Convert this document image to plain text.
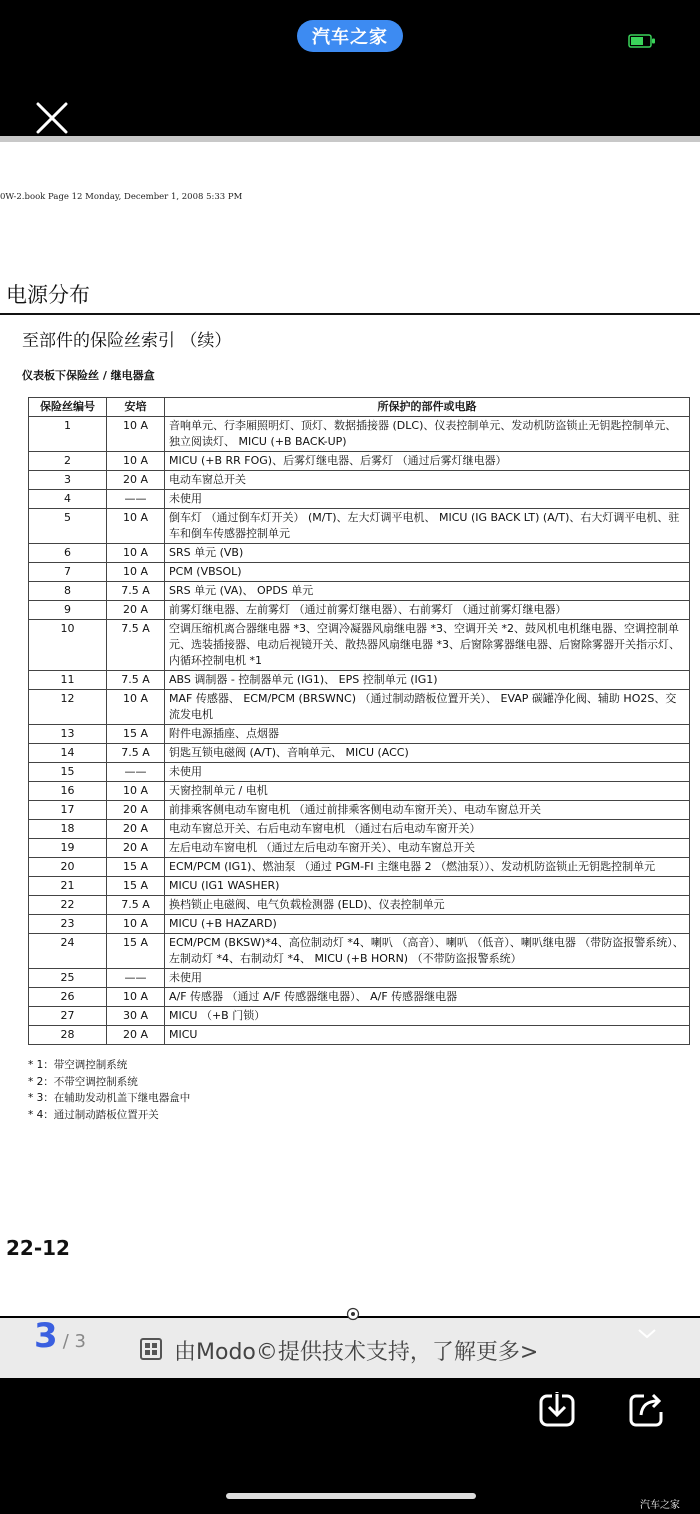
汽车之家
0W-2.book Page 12 Monday, December 1, 2008 5:33 PM
电源分布
至部件的保险丝索引 （续）
仪表板下保险丝 / 继电器盒
保险丝编号	安培	所保护的部件或电路
1	10 A	音响单元、行李厢照明灯、顶灯、数据插接器 (DLC)、仪表控制单元、发动机防盗锁止无钥匙控制单元、独立阅读灯、 MICU (+B BACK-UP)
2	10 A	MICU (+B RR FOG)、后雾灯继电器、后雾灯 （通过后雾灯继电器）
3	20 A	电动车窗总开关
4	——	未使用
5	10 A	倒车灯 （通过倒车灯开关） (M/T)、左大灯调平电机、 MICU (IG BACK LT) (A/T)、右大灯调平电机、驻车和倒车传感器控制单元
6	10 A	SRS 单元 (VB)
7	10 A	PCM (VBSOL)
8	7.5 A	SRS 单元 (VA)、 OPDS 单元
9	20 A	前雾灯继电器、左前雾灯 （通过前雾灯继电器）、右前雾灯 （通过前雾灯继电器）
10	7.5 A	空调压缩机离合器继电器 *3、空调冷凝器风扇继电器 *3、空调开关 *2、鼓风机电机继电器、空调控制单元、选装插接器、电动后视镜开关、散热器风扇继电器 *3、后窗除雾器继电器、后窗除雾器开关指示灯、内循环控制电机 *1
11	7.5 A	ABS 调制器 - 控制器单元 (IG1)、 EPS 控制单元 (IG1)
12	10 A	MAF 传感器、 ECM/PCM (BRSWNC) （通过制动踏板位置开关）、 EVAP 碳罐净化阀、辅助 HO2S、交流发电机
13	15 A	附件电源插座、点烟器
14	7.5 A	钥匙互锁电磁阀 (A/T)、音响单元、 MICU (ACC)
15	——	未使用
16	10 A	天窗控制单元 / 电机
17	20 A	前排乘客侧电动车窗电机 （通过前排乘客侧电动车窗开关）、电动车窗总开关
18	20 A	电动车窗总开关、右后电动车窗电机 （通过右后电动车窗开关）
19	20 A	左后电动车窗电机 （通过左后电动车窗开关）、电动车窗总开关
20	15 A	ECM/PCM (IG1)、燃油泵 （通过 PGM-FI 主继电器 2 （燃油泵））、发动机防盗锁止无钥匙控制单元
21	15 A	MICU (IG1 WASHER)
22	7.5 A	换档锁止电磁阀、电气负载检测器 (ELD)、仪表控制单元
23	10 A	MICU (+B HAZARD)
24	15 A	ECM/PCM (BKSW)*4、高位制动灯 *4、喇叭 （高音）、喇叭 （低音）、喇叭继电器 （带防盗报警系统）、左制动灯 *4、右制动灯 *4、 MICU (+B HORN) （不带防盗报警系统）
25	——	未使用
26	10 A	A/F 传感器 （通过 A/F 传感器继电器）、 A/F 传感器继电器
27	30 A	MICU （+B 门锁）
28	20 A	MICU
* 1：带空调控制系统
* 2：不带空调控制系统
* 3：在辅助发动机盖下继电器盒中
* 4：通过制动踏板位置开关
22-12
3 / 3	由Modo©提供技术支持，了解更多>
汽车之家
